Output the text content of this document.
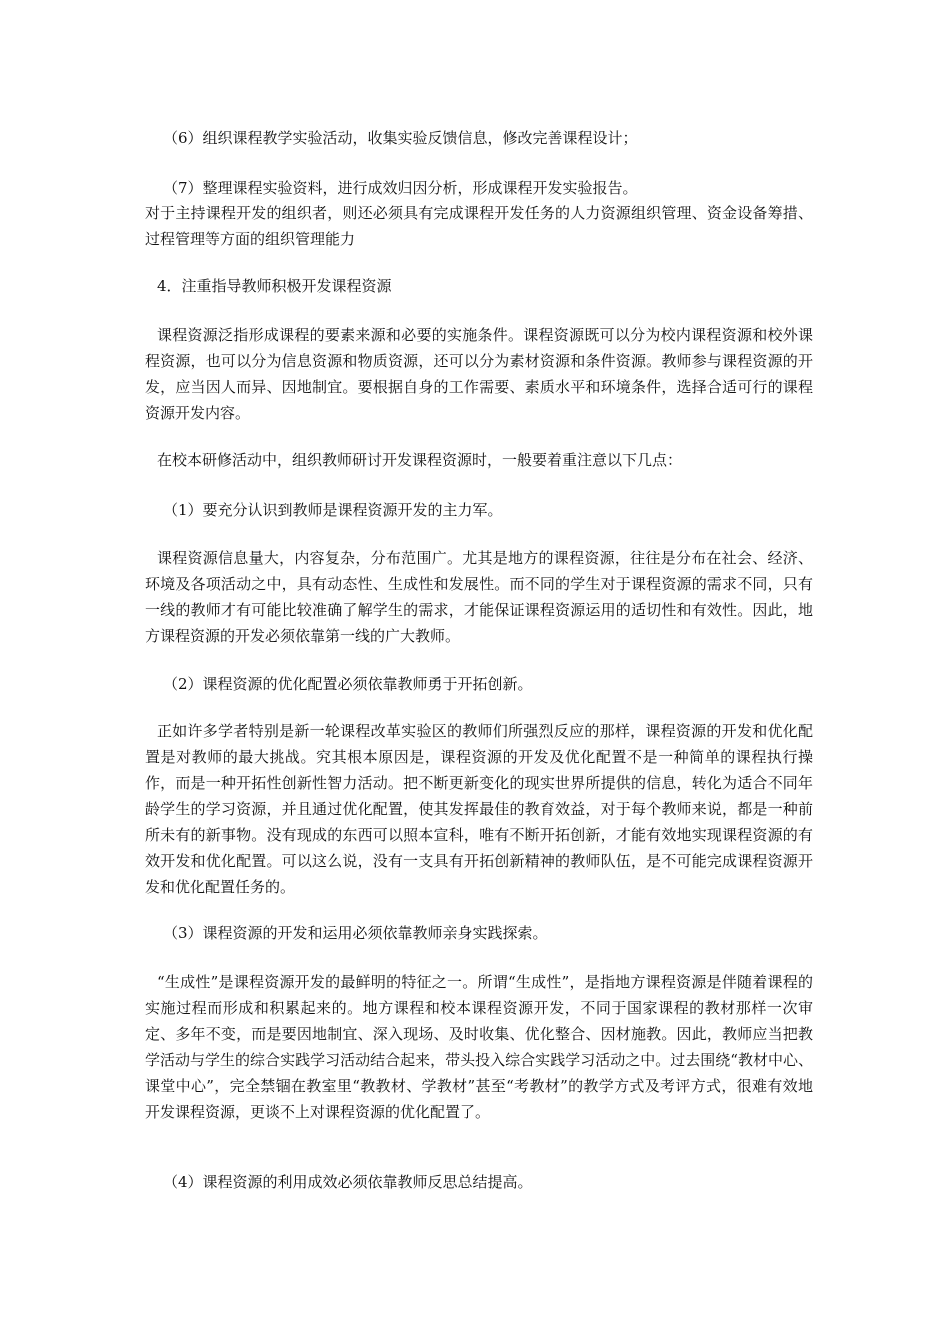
（6）组织课程教学实验活动，收集实验反馈信息，修改完善课程设计；
（7）整理课程实验资料，进行成效归因分析，形成课程开发实验报告。
对于主持课程开发的组织者，则还必须具有完成课程开发任务的人力资源组织管理、资金设备筹措、过程管理等方面的组织管理能力
4．注重指导教师积极开发课程资源
课程资源泛指形成课程的要素来源和必要的实施条件。课程资源既可以分为校内课程资源和校外课程资源，也可以分为信息资源和物质资源，还可以分为素材资源和条件资源。教师参与课程资源的开发，应当因人而异、因地制宜。要根据自身的工作需要、素质水平和环境条件，选择合适可行的课程资源开发内容。
在校本研修活动中，组织教师研讨开发课程资源时，一般要着重注意以下几点：
（1）要充分认识到教师是课程资源开发的主力军。
课程资源信息量大，内容复杂，分布范围广。尤其是地方的课程资源，往往是分布在社会、经济、环境及各项活动之中，具有动态性、生成性和发展性。而不同的学生对于课程资源的需求不同，只有一线的教师才有可能比较准确了解学生的需求，才能保证课程资源运用的适切性和有效性。因此，地方课程资源的开发必须依靠第一线的广大教师。
（2）课程资源的优化配置必须依靠教师勇于开拓创新。
正如许多学者特别是新一轮课程改革实验区的教师们所强烈反应的那样，课程资源的开发和优化配置是对教师的最大挑战。究其根本原因是，课程资源的开发及优化配置不是一种简单的课程执行操作，而是一种开拓性创新性智力活动。把不断更新变化的现实世界所提供的信息，转化为适合不同年龄学生的学习资源，并且通过优化配置，使其发挥最佳的教育效益，对于每个教师来说，都是一种前所未有的新事物。没有现成的东西可以照本宣科，唯有不断开拓创新，才能有效地实现课程资源的有效开发和优化配置。可以这么说，没有一支具有开拓创新精神的教师队伍，是不可能完成课程资源开发和优化配置任务的。
（3）课程资源的开发和运用必须依靠教师亲身实践探索。
“生成性”是课程资源开发的最鲜明的特征之一。所谓“生成性”，是指地方课程资源是伴随着课程的实施过程而形成和积累起来的。地方课程和校本课程资源开发，不同于国家课程的教材那样一次审定、多年不变，而是要因地制宜、深入现场、及时收集、优化整合、因材施教。因此，教师应当把教学活动与学生的综合实践学习活动结合起来，带头投入综合实践学习活动之中。过去围绕“教材中心、课堂中心”，完全禁锢在教室里“教教材、学教材”甚至“考教材”的教学方式及考评方式，很难有效地开发课程资源，更谈不上对课程资源的优化配置了。
（4）课程资源的利用成效必须依靠教师反思总结提高。
